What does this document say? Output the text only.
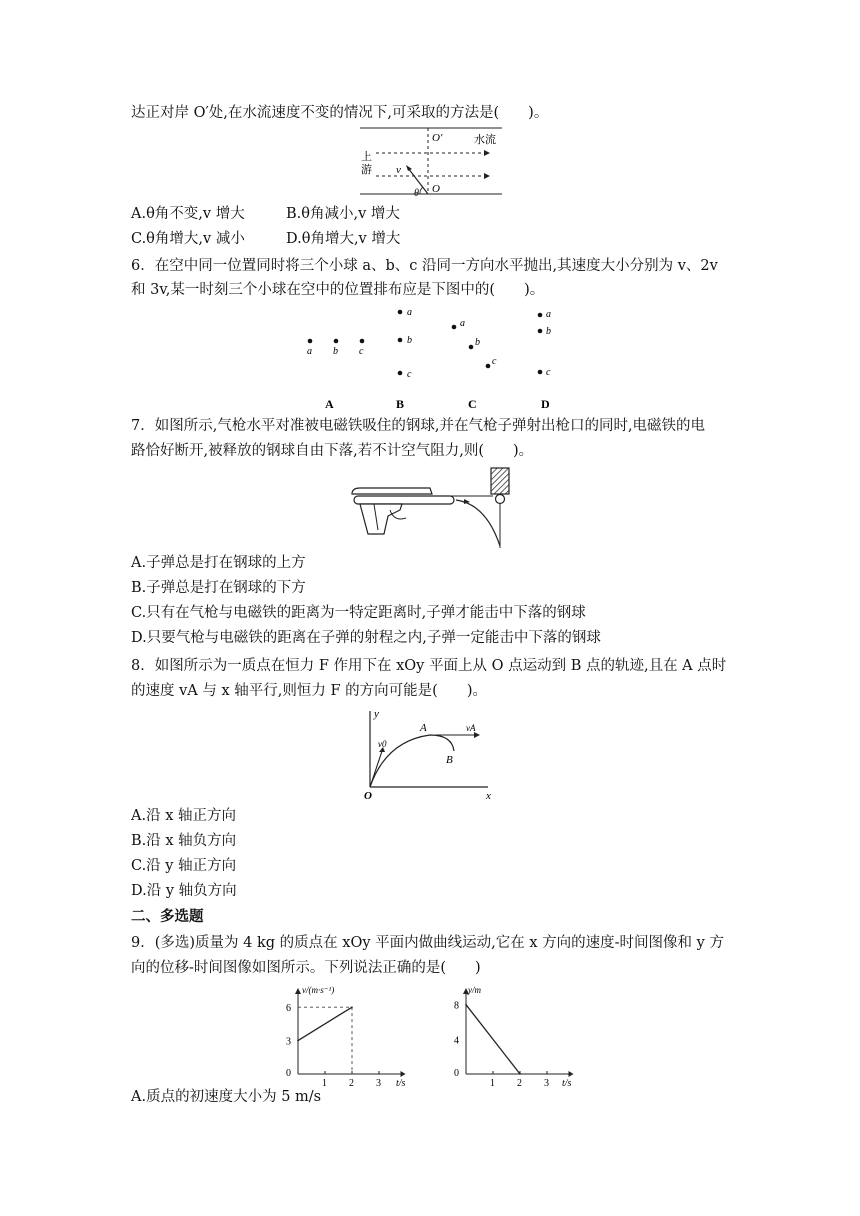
达正对岸 O′处,在水流速度不变的情况下,可采取的方法是(　　)。
O′	水流
上
游 v
θ O
A.θ角不变,v 增大	B.θ角减小,v 增大
C.θ角增大,v 减小	D.θ角增大,v 增大
6．在空中同一位置同时将三个小球 a、b、c 沿同一方向水平抛出,其速度大小分别为 v、2v
和 3v,某一时刻三个小球在空中的位置排布应是下图中的(　　)。
a b c
a
b
c
a
b
c
a
b
c
A	B	C	D
7．如图所示,气枪水平对准被电磁铁吸住的钢球,并在气枪子弹射出枪口的同时,电磁铁的电
路恰好断开,被释放的钢球自由下落,若不计空气阻力,则(　　)。
A.子弹总是打在钢球的上方
B.子弹总是打在钢球的下方
C.只有在气枪与电磁铁的距离为一特定距离时,子弹才能击中下落的钢球
D.只要气枪与电磁铁的距离在子弹的射程之内,子弹一定能击中下落的钢球
8．如图所示为一质点在恒力 F 作用下在 xOy 平面上从 O 点运动到 B 点的轨迹,且在 A 点时
的速度 vA 与 x 轴平行,则恒力 F 的方向可能是(　　)。
y
x
O
A
B
v0
vA
A.沿 x 轴正方向
B.沿 x 轴负方向
C.沿 y 轴正方向
D.沿 y 轴负方向
二、多选题
9．(多选)质量为 4 kg 的质点在 xOy 平面内做曲线运动,它在 x 方向的速度-时间图像和 y 方
向的位移-时间图像如图所示。下列说法正确的是(　　)
v/(m·s⁻¹)
t/s
1 2 3
0
3
6
y/m
t/s
1 2 3
0
4
8
A.质点的初速度大小为 5 m/s
